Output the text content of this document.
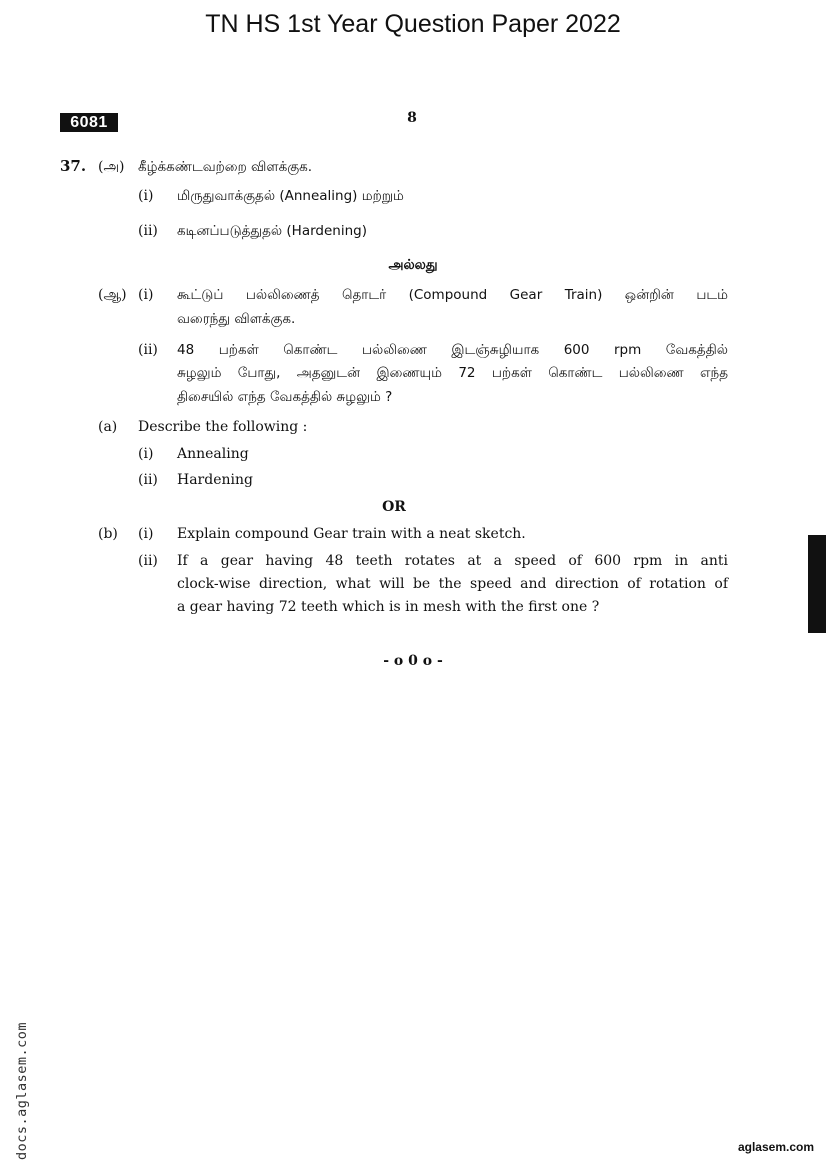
TN HS 1st Year Question Paper 2022
6081	8
37. (அ) கீழ்க்கண்டவற்றை விளக்குக.
(i) மிருதுவாக்குதல் (Annealing) மற்றும்
(ii) கடினப்படுத்துதல் (Hardening)
அல்லது
(ஆ) (i) கூட்டுப் பல்லிணைத் தொடர் (Compound Gear Train) ஒன்றின் படம்
வரைந்து விளக்குக.
(ii) 48 பற்கள் கொண்ட பல்லிணை இடஞ்சுழியாக 600 rpm வேகத்தில்
சுழலும் போது, அதனுடன் இணையும் 72 பற்கள் கொண்ட பல்லிணை எந்த
திசையில் எந்த வேகத்தில் சுழலும் ?
(a) Describe the following :
(i) Annealing
(ii) Hardening
OR
(b) (i) Explain compound Gear train with a neat sketch.
(ii) If a gear having 48 teeth rotates at a speed of 600 rpm in anti
clock-wise direction, what will be the speed and direction of rotation of
a gear having 72 teeth which is in mesh with the first one ?
- o 0 o -
docs.aglasem.com	aglasem.com
